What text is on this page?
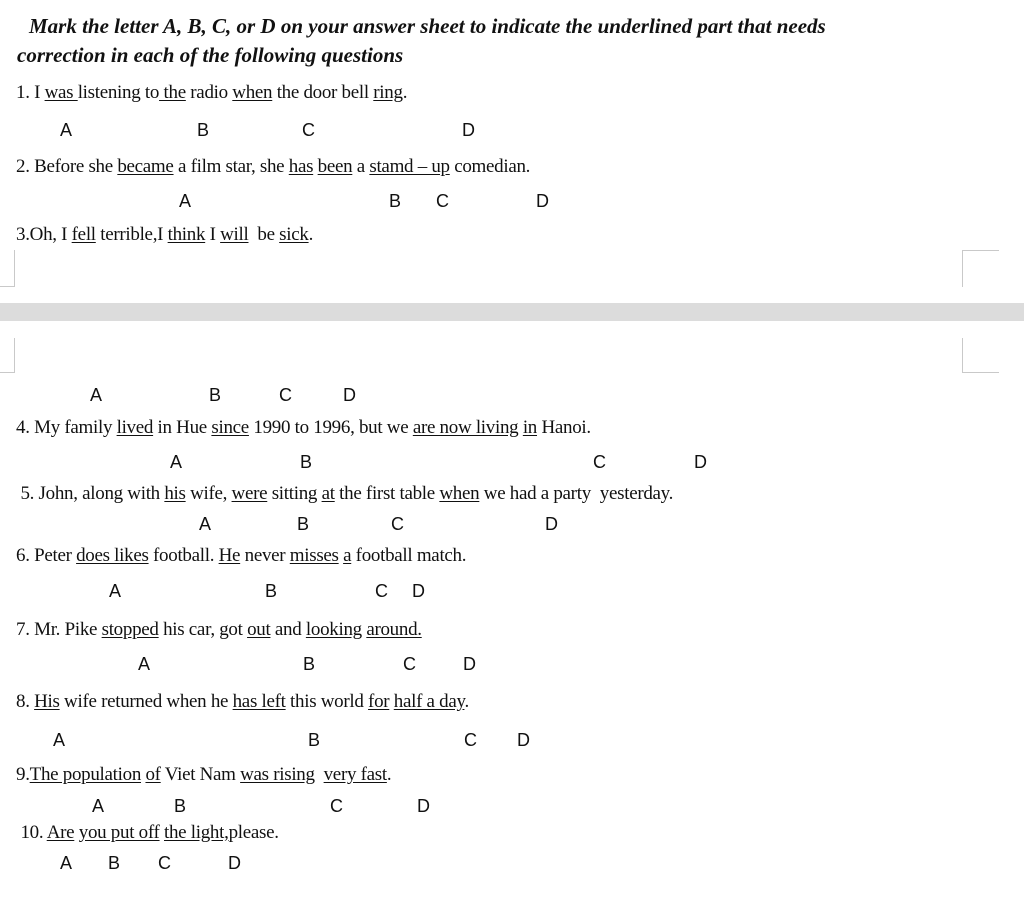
Mark the letter A, B, C, or D on your answer sheet to indicate the underlined part that needs
correction in each of the following questions
1. I was listening to the radio when the door bell ring.
A	B	C	D
2. Before she became a film star, she has been a stamd – up comedian.
A	B C	D
3.Oh, I fell terrible,I think I will  be sick.
A	B	C	D
4. My family lived in Hue since 1990 to 1996, but we are now living in Hanoi.
A	B	C	D
5. John, along with his wife, were sitting at the first table when we had a party  yesterday.
A	B	C	D
6. Peter does likes football. He never misses a football match.
A	B	C D
7. Mr. Pike stopped his car, got out and looking around.
A	B	C	D
8. His wife returned when he has left this world for half a day.
A	B	C D
9.The population of Viet Nam was rising very fast.
A	B	C	D
10. Are you put off the light,please.
A B C	D
